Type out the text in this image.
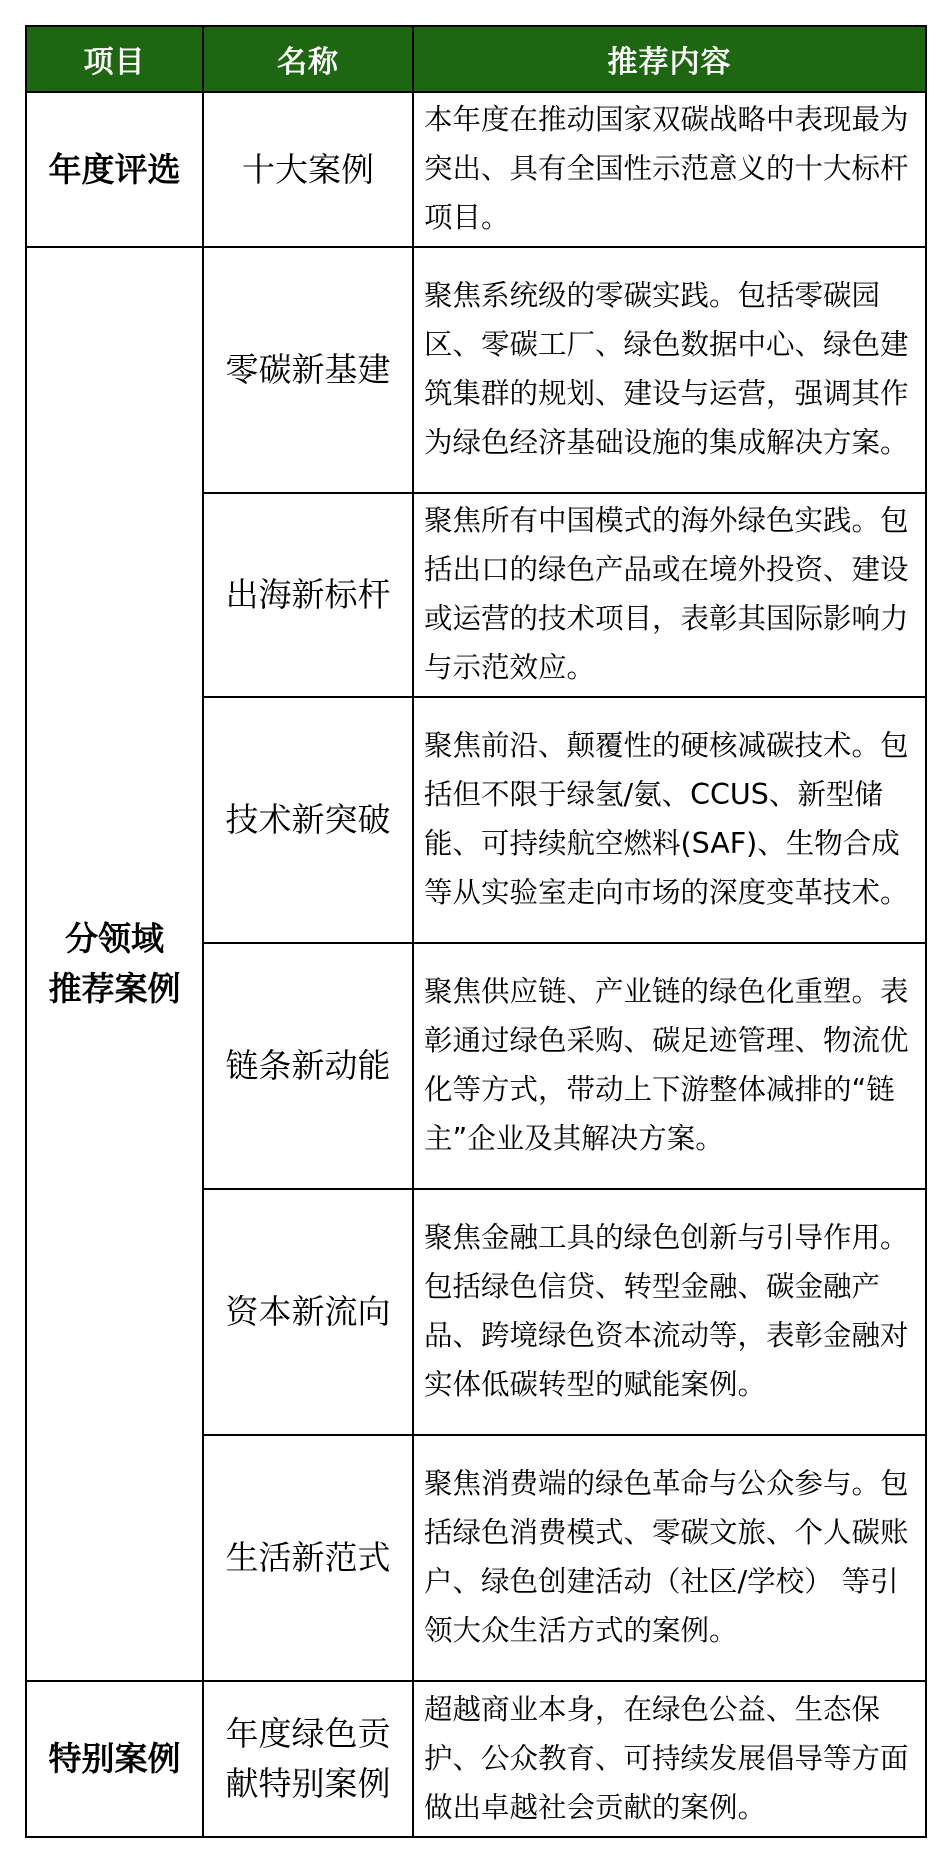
项目	名称	推荐内容
年度评选	十大案例	本年度在推动国家双碳战略中表现最为突出、具有全国性示范意义的十大标杆项目。

分领域
推荐案例	零碳新基建	聚焦系统级的零碳实践。包括零碳园区、零碳工厂、绿色数据中心、绿色建筑集群的规划、建设与运营，强调其作为绿色经济基础设施的集成解决方案。
	出海新标杆	聚焦所有中国模式的海外绿色实践。包括出口的绿色产品或在境外投资、建设或运营的技术项目，表彰其国际影响力与示范效应。
	技术新突破	聚焦前沿、颠覆性的硬核减碳技术。包括但不限于绿氢/氨、CCUS、新型储能、可持续航空燃料(SAF)、生物合成等从实验室走向市场的深度变革技术。
	链条新动能	聚焦供应链、产业链的绿色化重塑。表彰通过绿色采购、碳足迹管理、物流优化等方式，带动上下游整体减排的“链主”企业及其解决方案。
	资本新流向	聚焦金融工具的绿色创新与引导作用。包括绿色信贷、转型金融、碳金融产品、跨境绿色资本流动等，表彰金融对实体低碳转型的赋能案例。
	生活新范式	聚焦消费端的绿色革命与公众参与。包括绿色消费模式、零碳文旅、个人碳账户、绿色创建活动（社区/学校） 等引领大众生活方式的案例。
特别案例	年度绿色贡献特别案例	超越商业本身，在绿色公益、生态保护、公众教育、可持续发展倡导等方面做出卓越社会贡献的案例。
